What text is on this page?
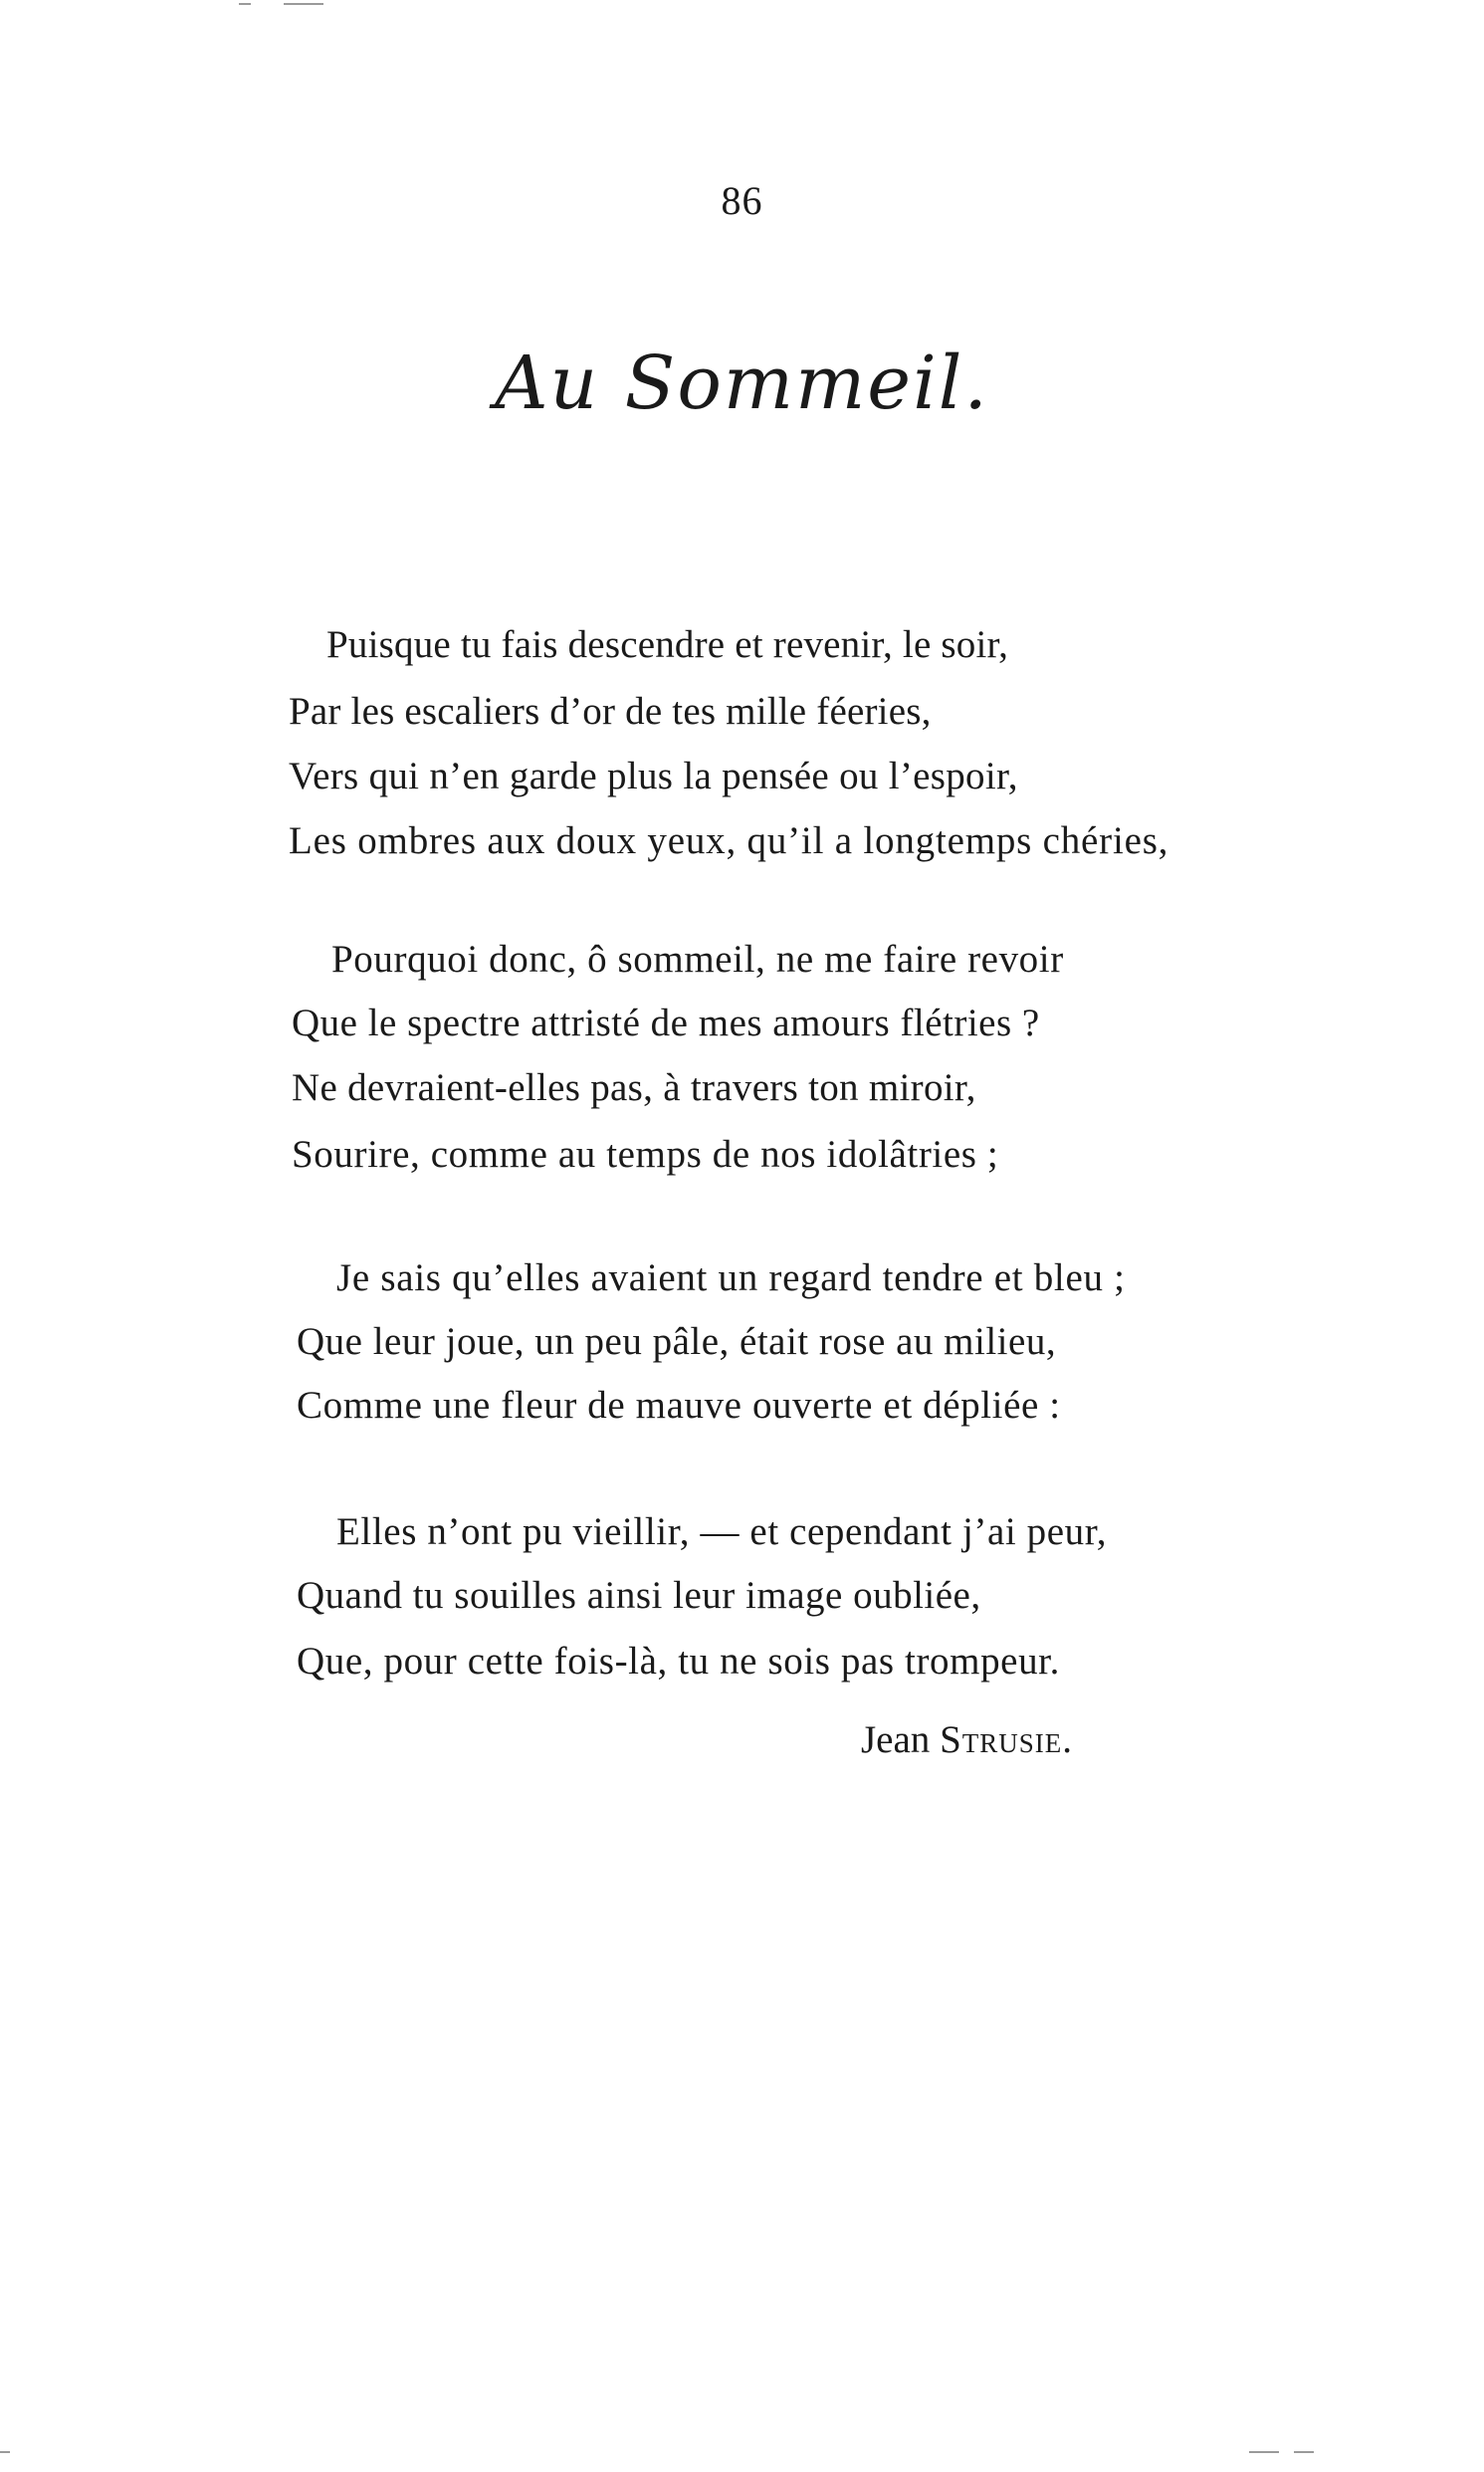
86
Au Sommeil.
Puisque tu fais descendre et revenir, le soir,
Par les escaliers d’or de tes mille féeries,
Vers qui n’en garde plus la pensée ou l’espoir,
Les ombres aux doux yeux, qu’il a longtemps chéries,
Pourquoi donc, ô sommeil, ne me faire revoir
Que le spectre attristé de mes amours flétries ?
Ne devraient-elles pas, à travers ton miroir,
Sourire, comme au temps de nos idolâtries ;
Je sais qu’elles avaient un regard tendre et bleu ;
Que leur joue, un peu pâle, était rose au milieu,
Comme une fleur de mauve ouverte et dépliée :
Elles n’ont pu vieillir, — et cependant j’ai peur,
Quand tu souilles ainsi leur image oubliée,
Que, pour cette fois-là, tu ne sois pas trompeur.
Jean Strusie.
